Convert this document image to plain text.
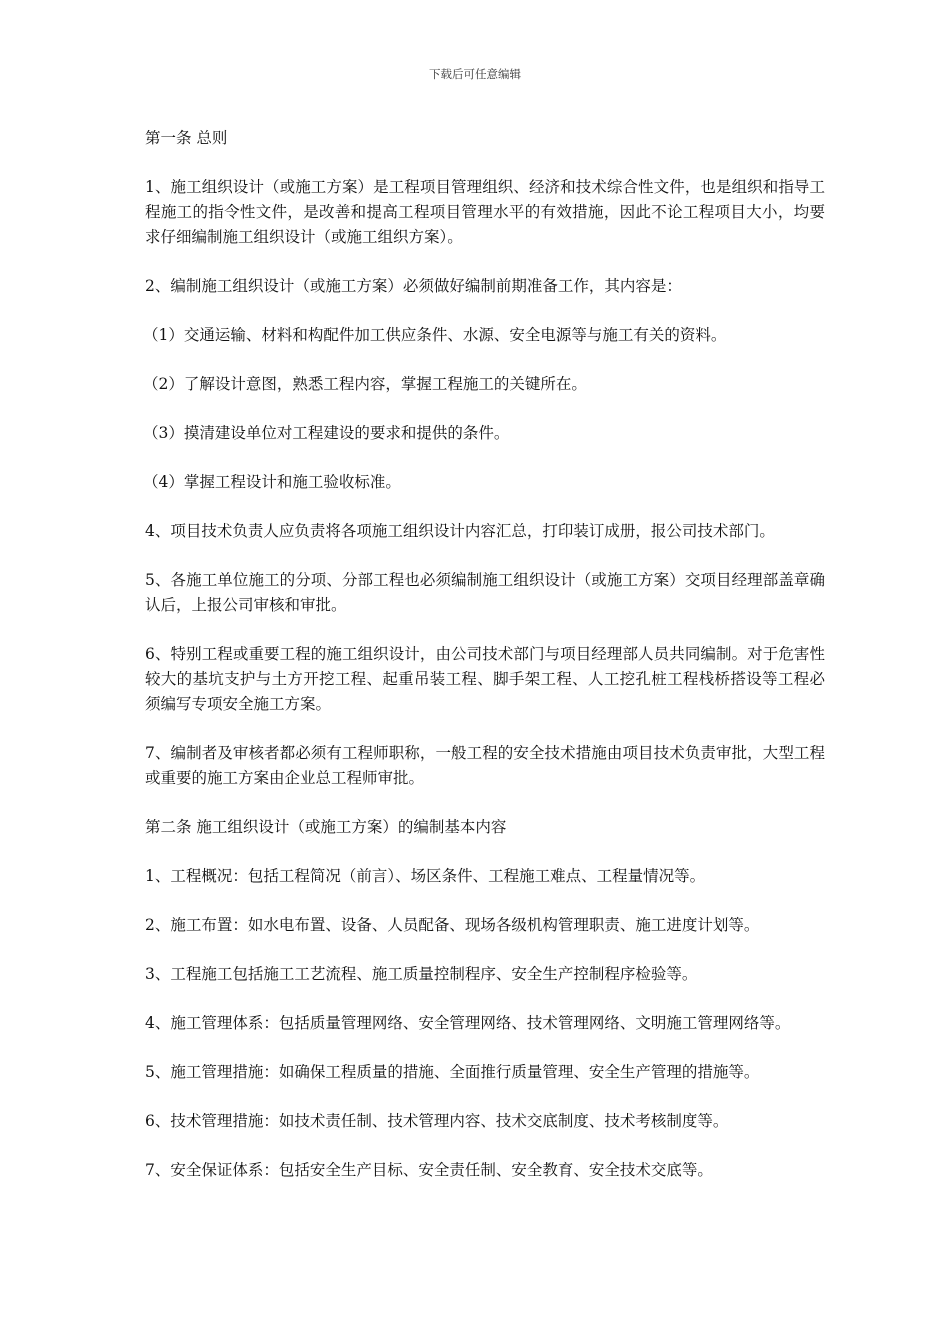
下载后可任意编辑

第一条 总则

1、施工组织设计（或施工方案）是工程项目管理组织、经济和技术综合性文件，也是组织和指导工程施工的指令性文件，是改善和提高工程项目管理水平的有效措施，因此不论工程项目大小，均要求仔细编制施工组织设计（或施工组织方案）。

2、编制施工组织设计（或施工方案）必须做好编制前期准备工作，其内容是：

（1）交通运输、材料和构配件加工供应条件、水源、安全电源等与施工有关的资料。

（2）了解设计意图，熟悉工程内容，掌握工程施工的关键所在。

（3）摸清建设单位对工程建设的要求和提供的条件。

（4）掌握工程设计和施工验收标准。

4、项目技术负责人应负责将各项施工组织设计内容汇总，打印装订成册，报公司技术部门。

5、各施工单位施工的分项、分部工程也必须编制施工组织设计（或施工方案）交项目经理部盖章确认后，上报公司审核和审批。

6、特别工程或重要工程的施工组织设计，由公司技术部门与项目经理部人员共同编制。对于危害性较大的基坑支护与土方开挖工程、起重吊装工程、脚手架工程、人工挖孔桩工程栈桥搭设等工程必须编写专项安全施工方案。

7、编制者及审核者都必须有工程师职称，一般工程的安全技术措施由项目技术负责审批，大型工程或重要的施工方案由企业总工程师审批。

第二条 施工组织设计（或施工方案）的编制基本内容

1、工程概况：包括工程简况（前言）、场区条件、工程施工难点、工程量情况等。

2、施工布置：如水电布置、设备、人员配备、现场各级机构管理职责、施工进度计划等。

3、工程施工包括施工工艺流程、施工质量控制程序、安全生产控制程序检验等。

4、施工管理体系：包括质量管理网络、安全管理网络、技术管理网络、文明施工管理网络等。

5、施工管理措施：如确保工程质量的措施、全面推行质量管理、安全生产管理的措施等。

6、技术管理措施：如技术责任制、技术管理内容、技术交底制度、技术考核制度等。

7、安全保证体系：包括安全生产目标、安全责任制、安全教育、安全技术交底等。
